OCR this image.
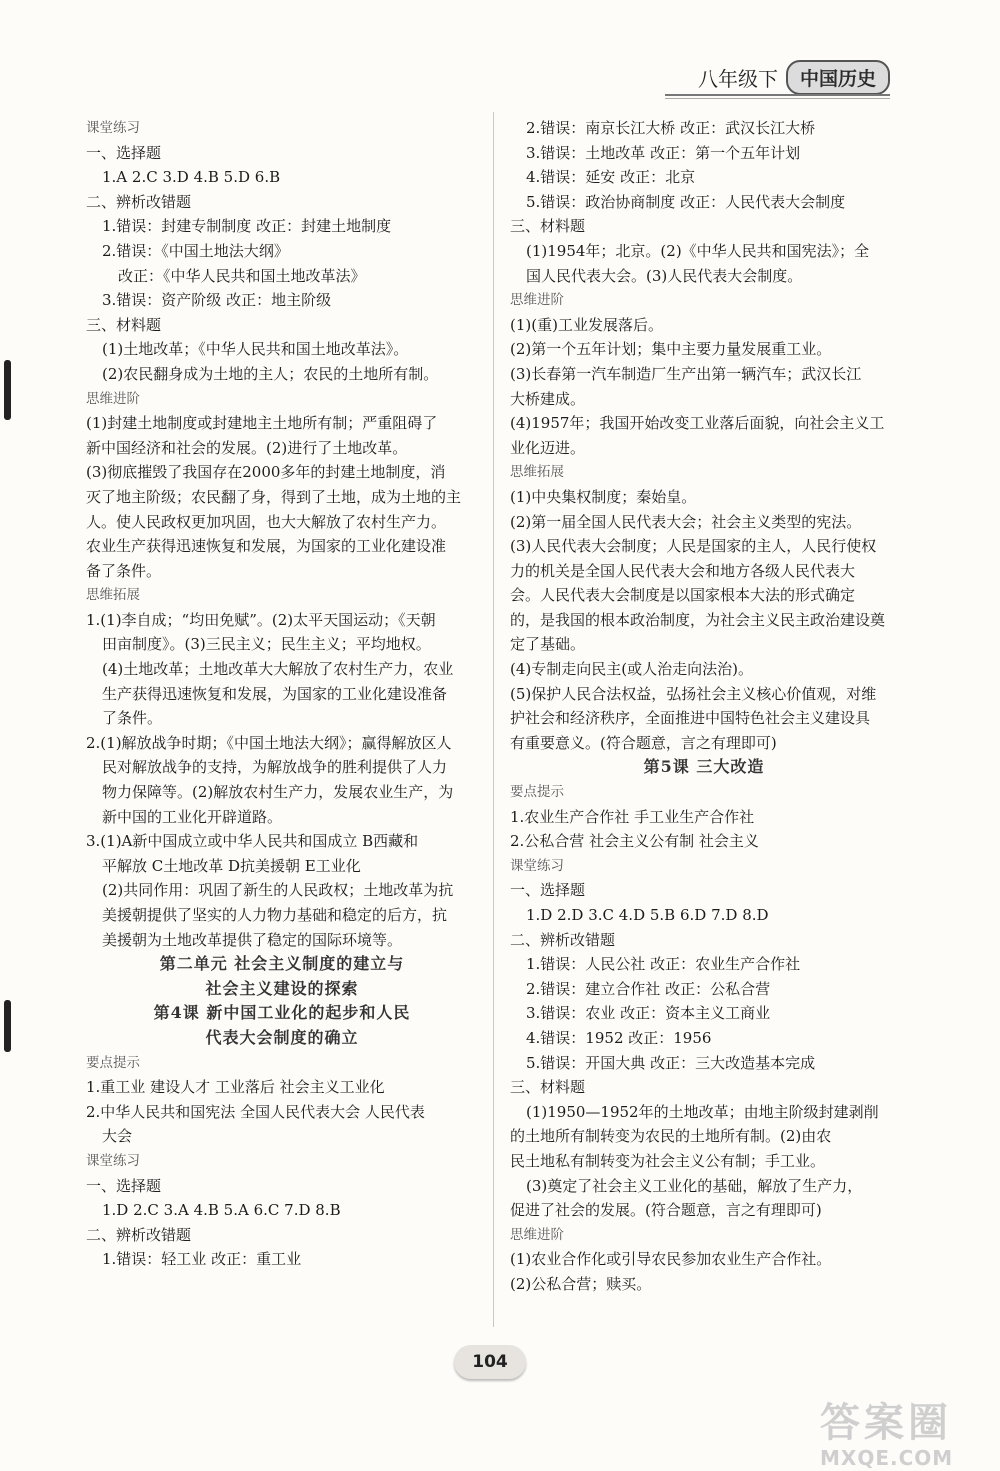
八年级下	中国历史
课堂练习
一、选择题
1.A 2.C 3.D 4.B 5.D 6.B
二、辨析改错题
1.错误：封建专制制度 改正：封建土地制度
2.错误：《中国土地法大纲》
改正：《中华人民共和国土地改革法》
3.错误：资产阶级 改正：地主阶级
三、材料题
(1)土地改革；《中华人民共和国土地改革法》。
(2)农民翻身成为土地的主人；农民的土地所有制。
思维进阶
(1)封建土地制度或封建地主土地所有制；严重阻碍了
新中国经济和社会的发展。(2)进行了土地改革。
(3)彻底摧毁了我国存在2000多年的封建土地制度，消
灭了地主阶级；农民翻了身，得到了土地，成为土地的主
人。使人民政权更加巩固，也大大解放了农村生产力。
农业生产获得迅速恢复和发展，为国家的工业化建设准
备了条件。
思维拓展
1.(1)李自成；“均田免赋”。(2)太平天国运动；《天朝
田亩制度》。(3)三民主义；民生主义；平均地权。
(4)土地改革；土地改革大大解放了农村生产力，农业
生产获得迅速恢复和发展，为国家的工业化建设准备
了条件。
2.(1)解放战争时期；《中国土地法大纲》；赢得解放区人
民对解放战争的支持，为解放战争的胜利提供了人力
物力保障等。(2)解放农村生产力，发展农业生产，为
新中国的工业化开辟道路。
3.(1)A新中国成立或中华人民共和国成立 B西藏和
平解放 C土地改革 D抗美援朝 E工业化
(2)共同作用：巩固了新生的人民政权；土地改革为抗
美援朝提供了坚实的人力物力基础和稳定的后方，抗
美援朝为土地改革提供了稳定的国际环境等。
第二单元 社会主义制度的建立与
社会主义建设的探索
第4课 新中国工业化的起步和人民
代表大会制度的确立
要点提示
1.重工业 建设人才 工业落后 社会主义工业化
2.中华人民共和国宪法 全国人民代表大会 人民代表
大会
课堂练习
一、选择题
1.D 2.C 3.A 4.B 5.A 6.C 7.D 8.B
二、辨析改错题
1.错误：轻工业 改正：重工业
2.错误：南京长江大桥 改正：武汉长江大桥
3.错误：土地改革 改正：第一个五年计划
4.错误：延安 改正：北京
5.错误：政治协商制度 改正：人民代表大会制度
三、材料题
(1)1954年；北京。(2)《中华人民共和国宪法》；全
国人民代表大会。(3)人民代表大会制度。
思维进阶
(1)(重)工业发展落后。
(2)第一个五年计划；集中主要力量发展重工业。
(3)长春第一汽车制造厂生产出第一辆汽车；武汉长江
大桥建成。
(4)1957年；我国开始改变工业落后面貌，向社会主义工
业化迈进。
思维拓展
(1)中央集权制度；秦始皇。
(2)第一届全国人民代表大会；社会主义类型的宪法。
(3)人民代表大会制度；人民是国家的主人，人民行使权
力的机关是全国人民代表大会和地方各级人民代表大
会。人民代表大会制度是以国家根本大法的形式确定
的，是我国的根本政治制度，为社会主义民主政治建设奠
定了基础。
(4)专制走向民主(或人治走向法治)。
(5)保护人民合法权益，弘扬社会主义核心价值观，对维
护社会和经济秩序，全面推进中国特色社会主义建设具
有重要意义。(符合题意，言之有理即可)
第5课 三大改造
要点提示
1.农业生产合作社 手工业生产合作社
2.公私合营 社会主义公有制 社会主义
课堂练习
一、选择题
1.D 2.D 3.C 4.D 5.B 6.D 7.D 8.D
二、辨析改错题
1.错误：人民公社 改正：农业生产合作社
2.错误：建立合作社 改正：公私合营
3.错误：农业 改正：资本主义工商业
4.错误：1952 改正：1956
5.错误：开国大典 改正：三大改造基本完成
三、材料题
(1)1950—1952年的土地改革；由地主阶级封建剥削
的土地所有制转变为农民的土地所有制。(2)由农
民土地私有制转变为社会主义公有制；手工业。
(3)奠定了社会主义工业化的基础，解放了生产力，
促进了社会的发展。(符合题意，言之有理即可)
思维进阶
(1)农业合作化或引导农民参加农业生产合作社。
(2)公私合营；赎买。
104
答案圈
MXQE.COM
